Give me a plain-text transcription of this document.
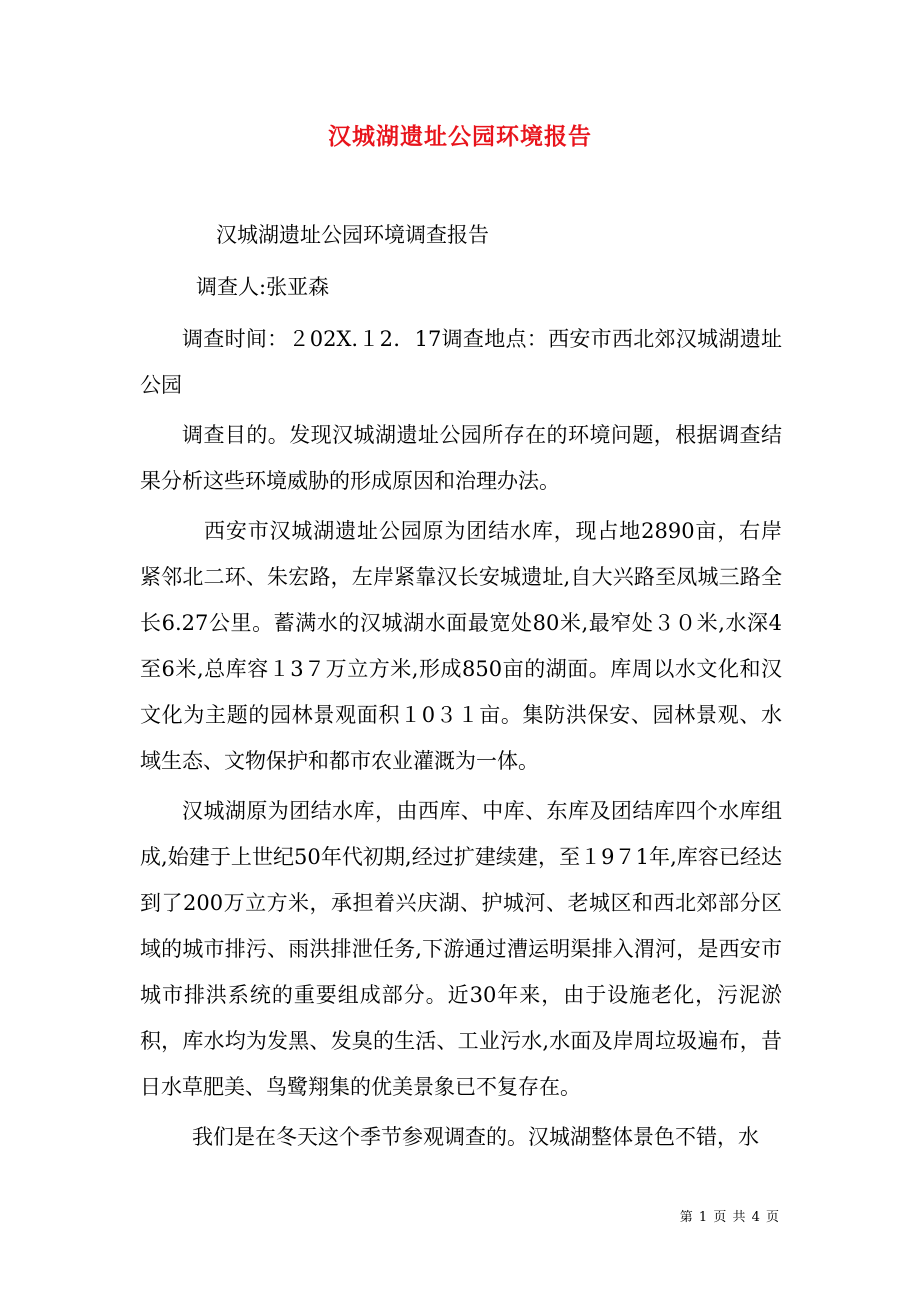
汉城湖遗址公园环境报告

汉城湖遗址公园环境调查报告

调查人:张亚森

调查时间：２02X.１2．17调查地点：西安市西北郊汉城湖遗址公园

调查目的。发现汉城湖遗址公园所存在的环境问题，根据调查结果分析这些环境威胁的形成原因和治理办法。

西安市汉城湖遗址公园原为团结水库，现占地2890亩，右岸紧邻北二环、朱宏路，左岸紧靠汉长安城遗址,自大兴路至凤城三路全长6.27公里。蓄满水的汉城湖水面最宽处80米,最窄处３０米,水深4至6米,总库容１3７万立方米,形成850亩的湖面。库周以水文化和汉文化为主题的园林景观面积１0３１亩。集防洪保安、园林景观、水域生态、文物保护和都市农业灌溉为一体。

汉城湖原为团结水库，由西库、中库、东库及团结库四个水库组成,始建于上世纪50年代初期,经过扩建续建，至１9７1年,库容已经达到了200万立方米，承担着兴庆湖、护城河、老城区和西北郊部分区域的城市排污、雨洪排泄任务,下游通过漕运明渠排入渭河，是西安市城市排洪系统的重要组成部分。近30年来，由于设施老化，污泥淤积，库水均为发黑、发臭的生活、工业污水,水面及岸周垃圾遍布，昔日水草肥美、鸟鹭翔集的优美景象已不复存在。

我们是在冬天这个季节参观调查的。汉城湖整体景色不错，水

第 1 页 共 4 页
